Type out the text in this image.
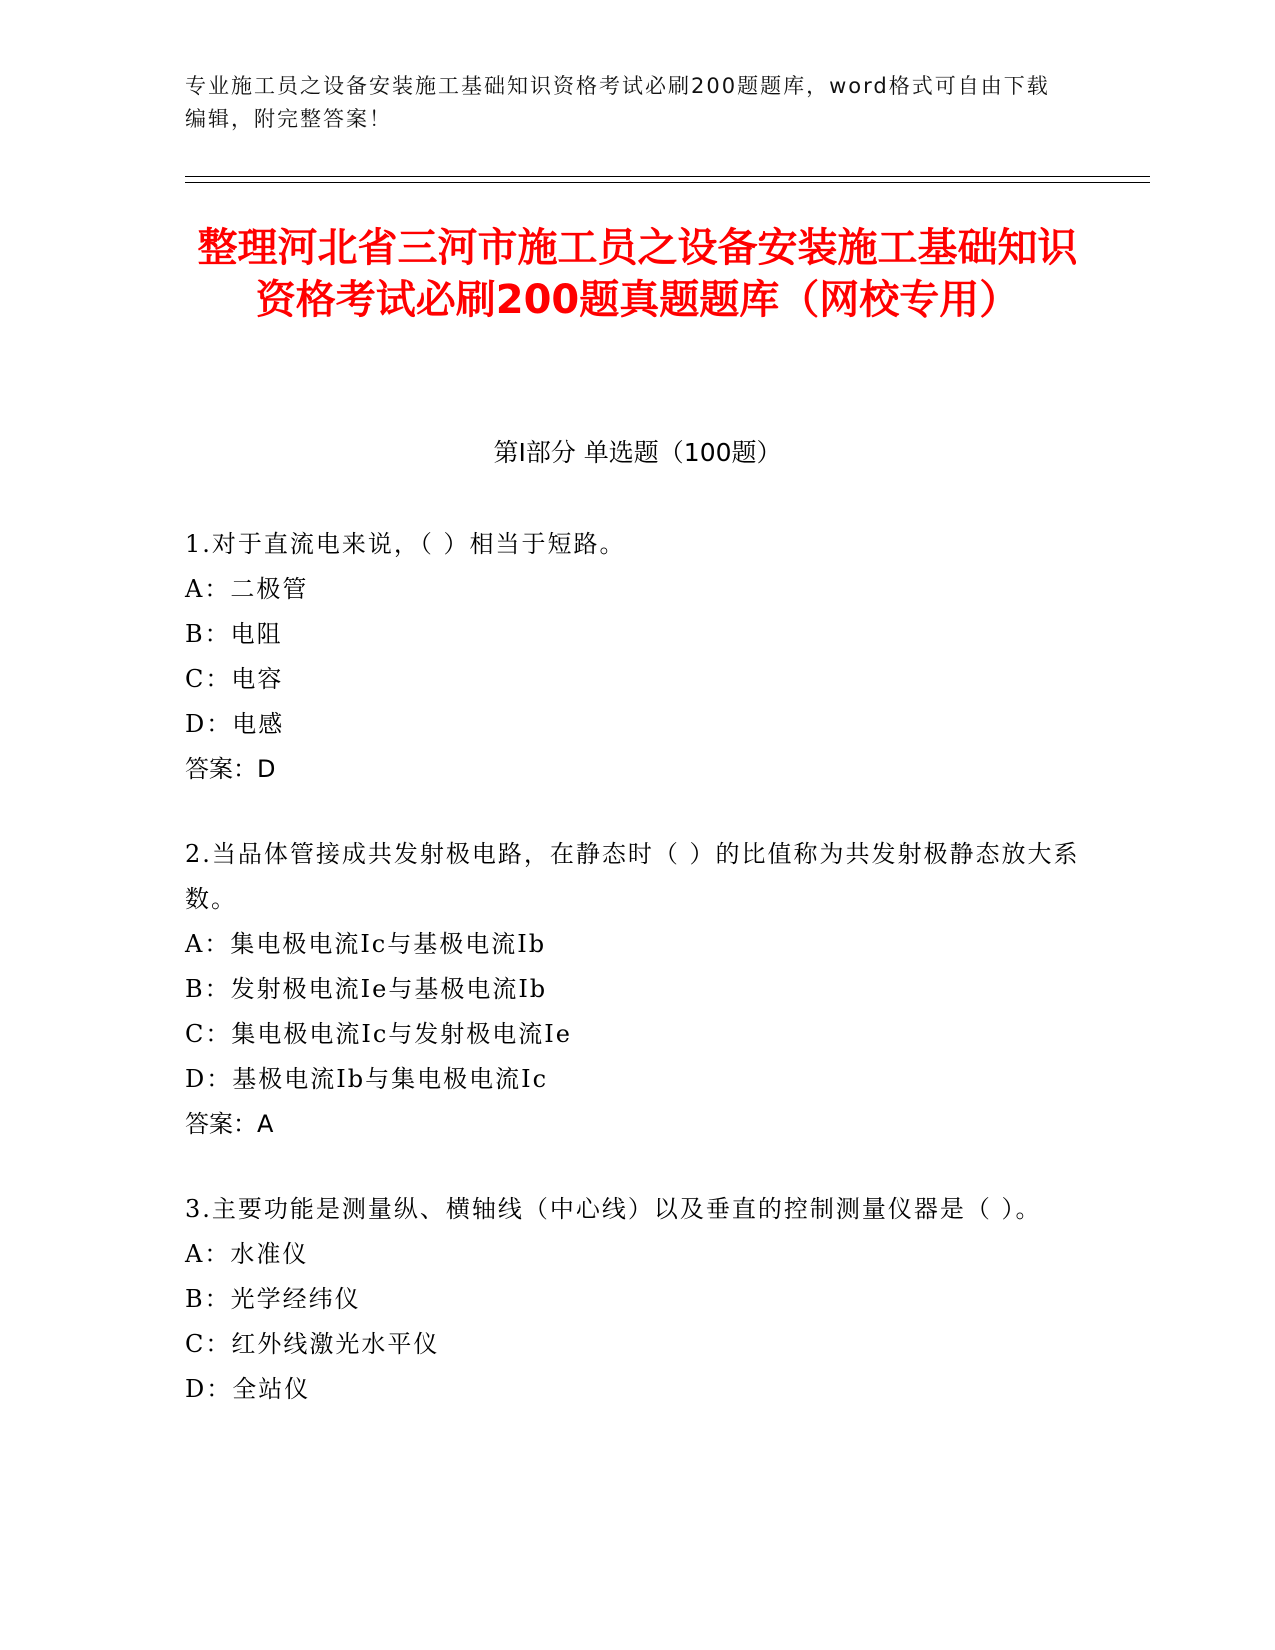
专业施工员之设备安装施工基础知识资格考试必刷200题题库，word格式可自由下载编辑，附完整答案！
整理河北省三河市施工员之设备安装施工基础知识资格考试必刷200题真题题库（网校专用）
第Ⅰ部分 单选题（100题）

1.对于直流电来说，（ ）相当于短路。

A：二极管

B：电阻

C：电容

D：电感

答案：D

2.当品体管接成共发射极电路，在静态时（ ）的比值称为共发射极静态放大系数。

A：集电极电流Ic与基极电流Ib

B：发射极电流Ie与基极电流Ib

C：集电极电流Ic与发射极电流Ie

D：基极电流Ib与集电极电流Ic

答案：A

3.主要功能是测量纵、横轴线（中心线）以及垂直的控制测量仪器是（ ）。

A：水准仪

B：光学经纬仪

C：红外线激光水平仪

D：全站仪
